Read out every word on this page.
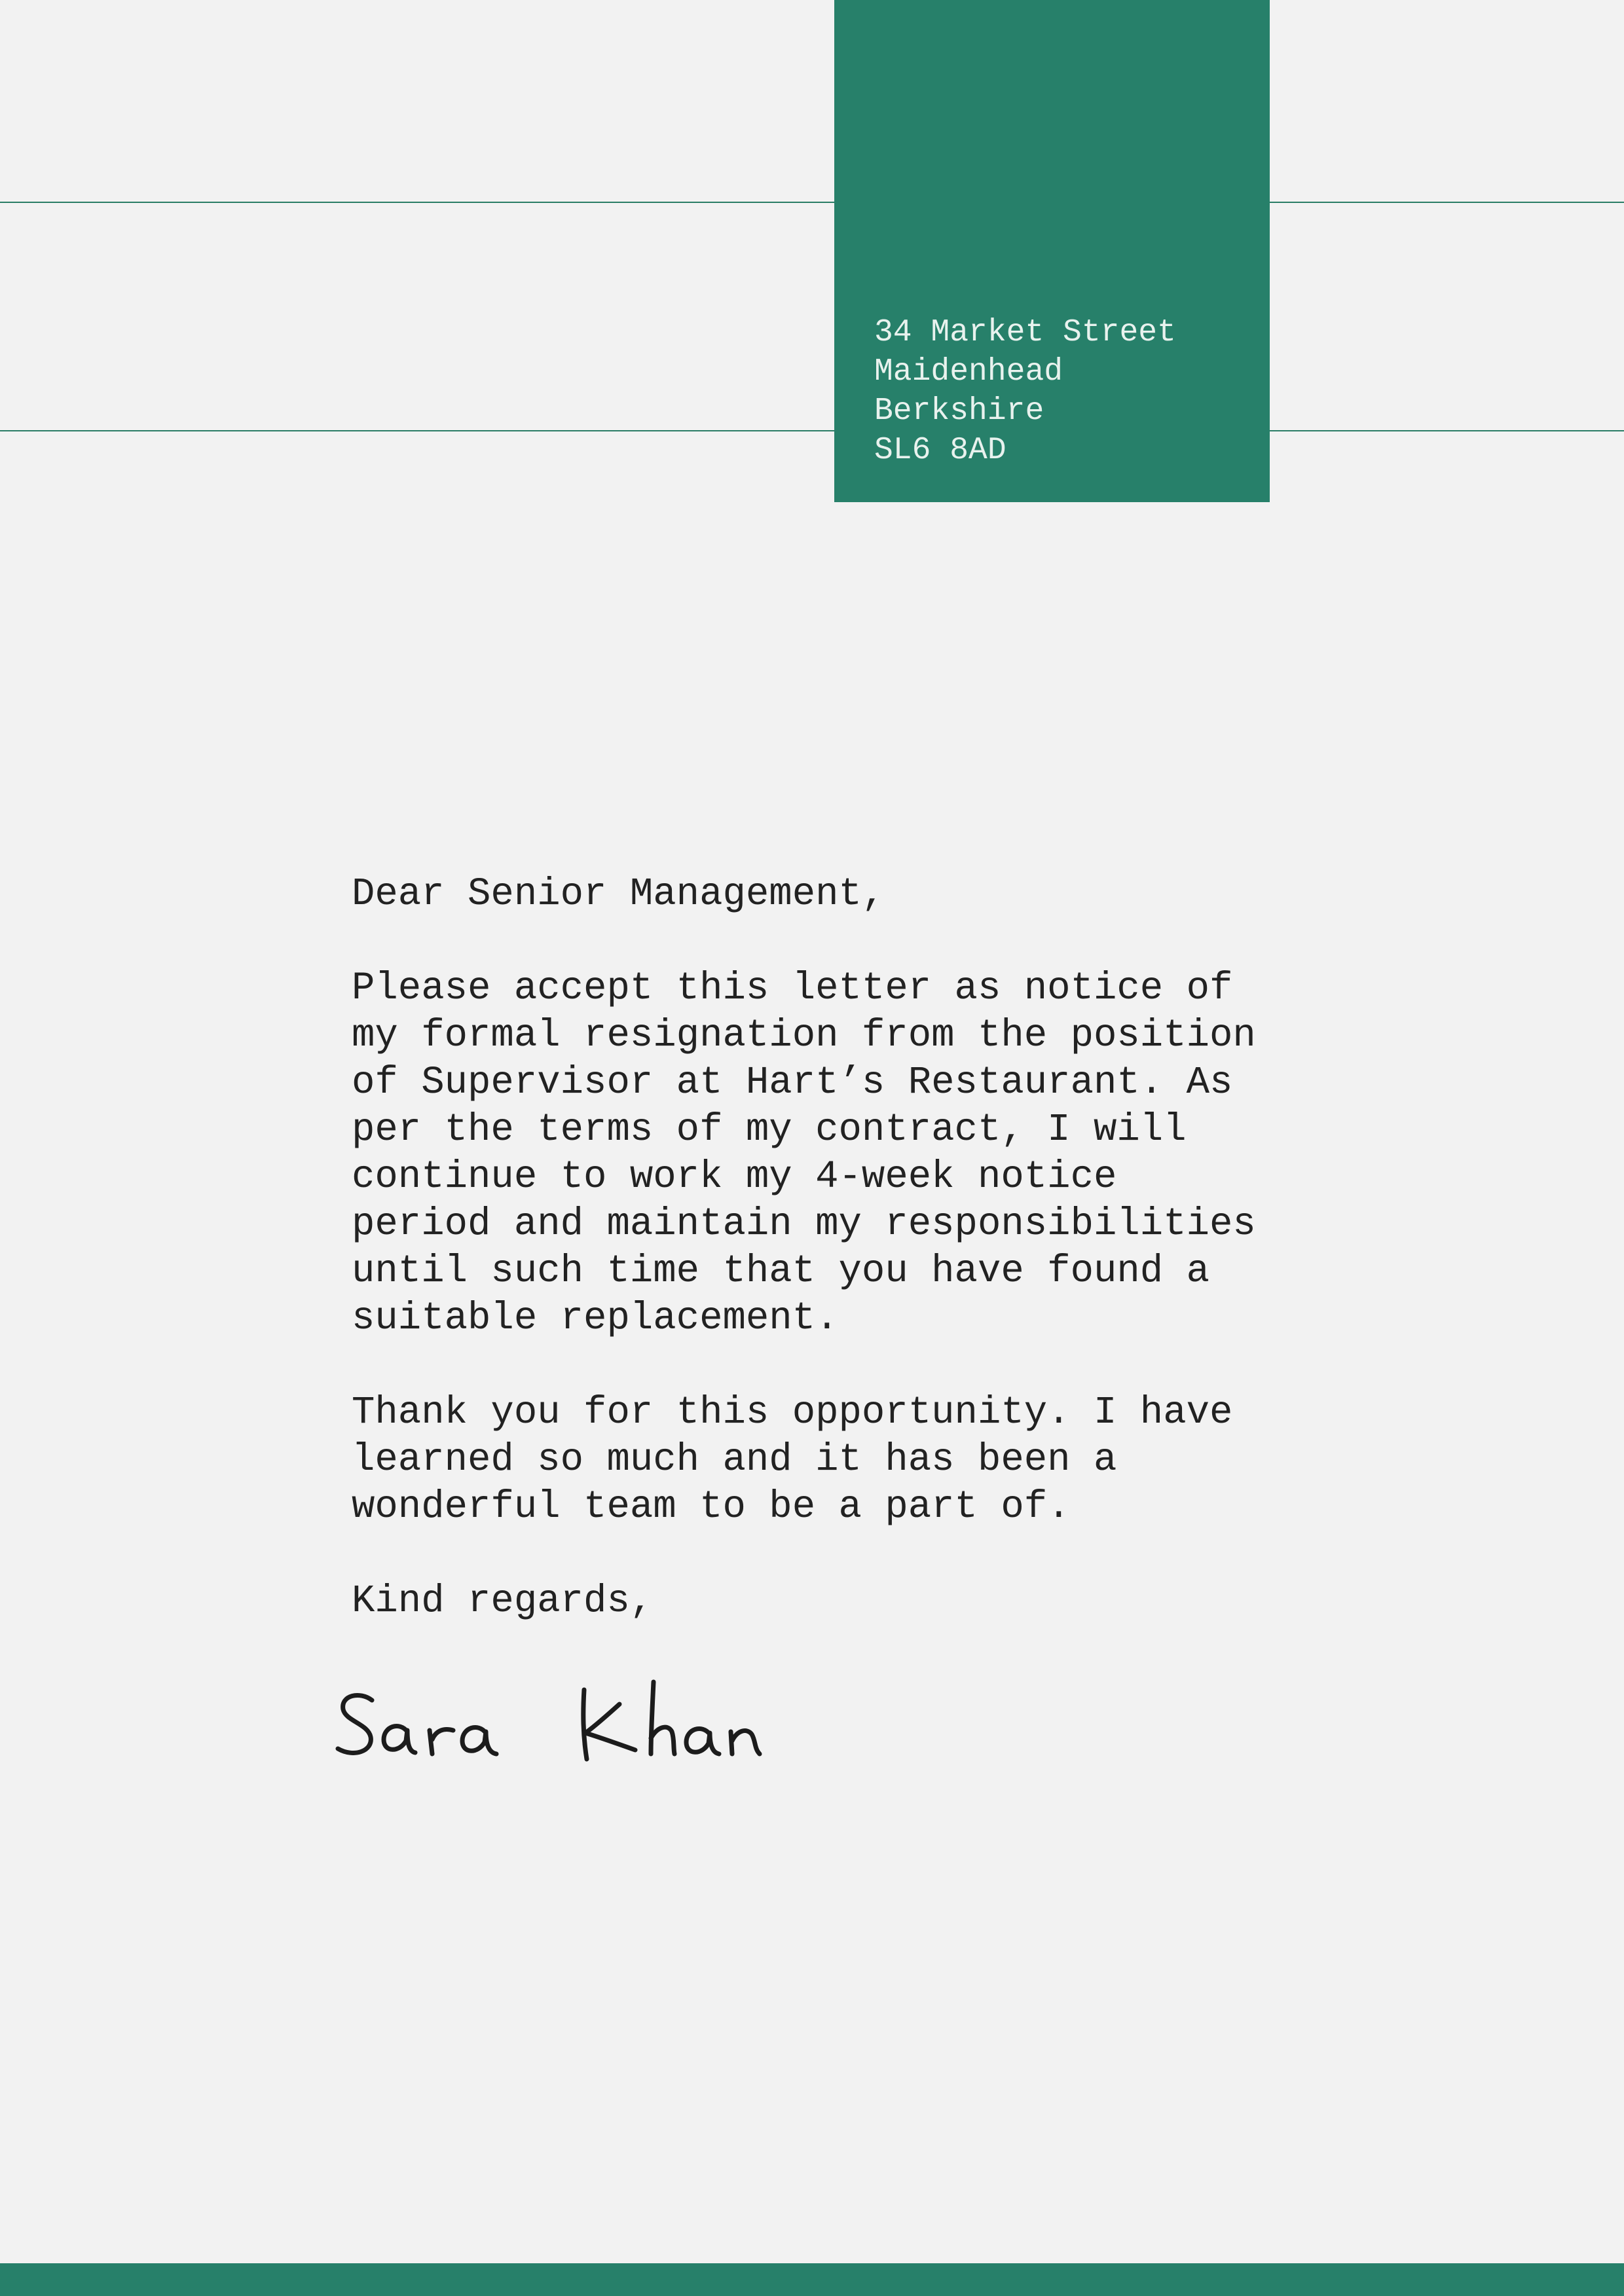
34 Market Street
Maidenhead
Berkshire
SL6 8AD

Dear Senior Management,

Please accept this letter as notice of
my formal resignation from the position
of Supervisor at Hart’s Restaurant. As
per the terms of my contract, I will
continue to work my 4-week notice
period and maintain my responsibilities
until such time that you have found a
suitable replacement.

Thank you for this opportunity. I have
learned so much and it has been a
wonderful team to be a part of.

Kind regards,
